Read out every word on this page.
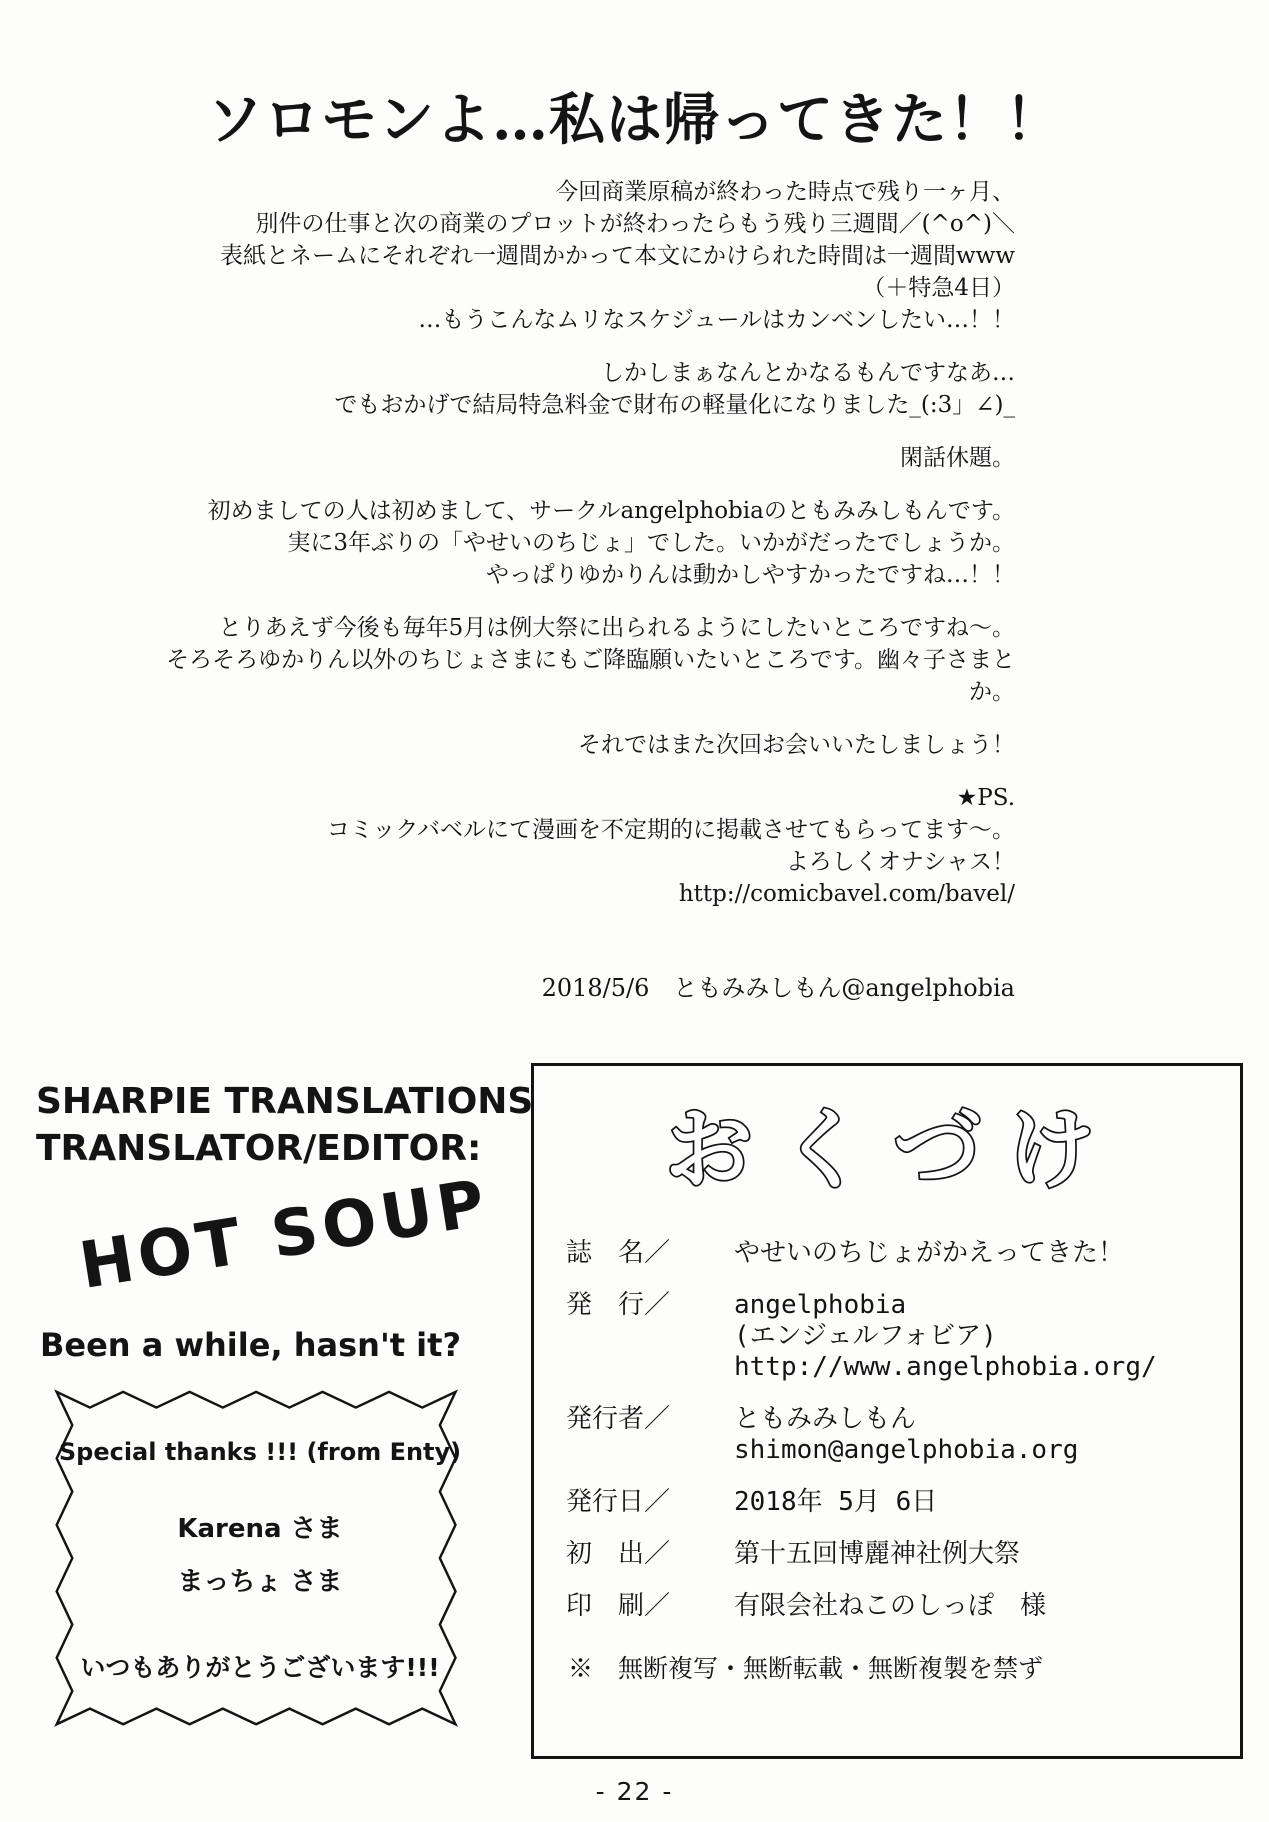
ソロモンよ…私は帰ってきた！！
今回商業原稿が終わった時点で残り一ヶ月、
別件の仕事と次の商業のプロットが終わったらもう残り三週間／(^o^)＼
表紙とネームにそれぞれ一週間かかって本文にかけられた時間は一週間www
（＋特急4日）
…もうこんなムリなスケジュールはカンベンしたい…！！
しかしまぁなんとかなるもんですなあ…
でもおかげで結局特急料金で財布の軽量化になりました_(:3」∠)_
閑話休題。
初めましての人は初めまして、サークルangelphobiaのともみみしもんです。
実に3年ぶりの「やせいのちじょ」でした。いかがだったでしょうか。
やっぱりゆかりんは動かしやすかったですね…！！
とりあえず今後も毎年5月は例大祭に出られるようにしたいところですね～。
そろそろゆかりん以外のちじょさまにもご降臨願いたいところです。幽々子さまとか。
それではまた次回お会いいたしましょう！
★PS.
コミックバベルにて漫画を不定期的に掲載させてもらってます～。
よろしくオナシャス！
http://comicbavel.com/bavel/
2018/5/6　ともみみしもん@angelphobia
SHARPIE TRANSLATIONS
TRANSLATOR/EDITOR:
HOT SOUP
Been a while, hasn't it?
Special thanks !!! (from Enty)
Karena さま
まっちょ さま
いつもありがとうございます!!!
おくづけ
誌　名／	やせいのちじょがかえってきた！
発　行／	angelphobia
(エンジェルフォビア)
http://www.angelphobia.org/
発行者／	ともみみしもん
shimon@angelphobia.org
発行日／	2018年 5月 6日
初　出／	第十五回博麗神社例大祭
印　刷／	有限会社ねこのしっぽ　様
※　無断複写・無断転載・無断複製を禁ず
- 22 -
